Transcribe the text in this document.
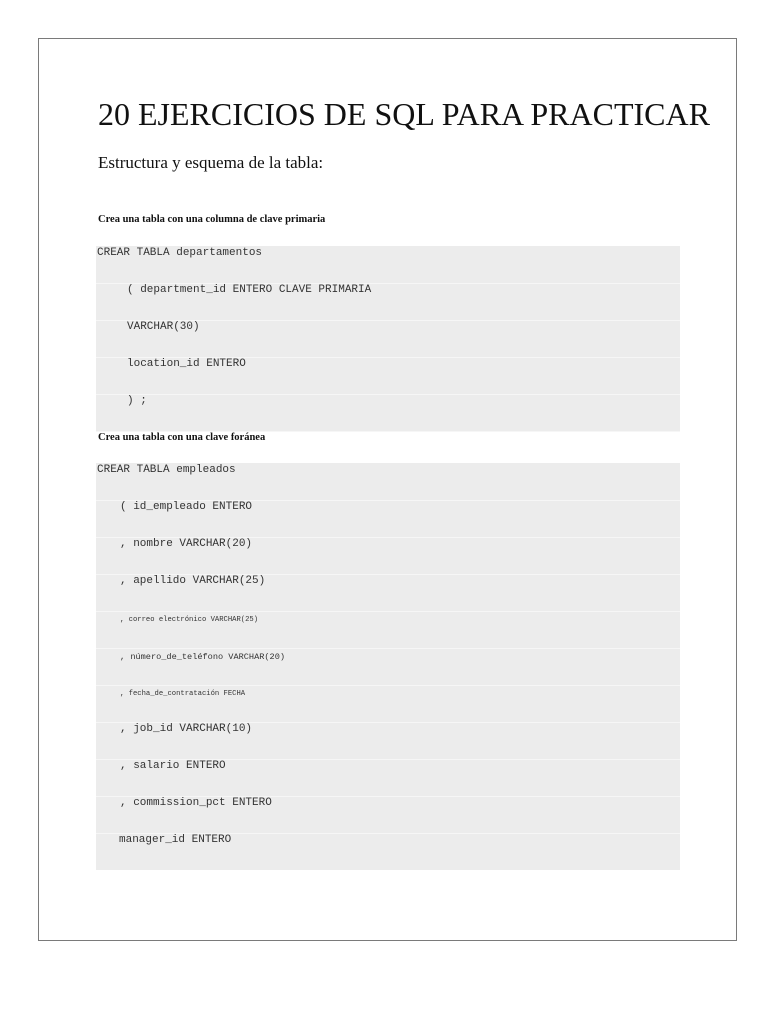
20 EJERCICIOS DE SQL PARA PRACTICAR
Estructura y esquema de la tabla:
Crea una tabla con una columna de clave primaria
CREAR TABLA departamentos
( department_id ENTERO CLAVE PRIMARIA
VARCHAR(30)
location_id ENTERO
) ;
Crea una tabla con una clave foránea
CREAR TABLA empleados
( id_empleado ENTERO
, nombre VARCHAR(20)
, apellido VARCHAR(25)
, correo electrónico VARCHAR(25)
, número_de_teléfono VARCHAR(20)
, fecha_de_contratación FECHA
, job_id VARCHAR(10)
, salario ENTERO
, commission_pct ENTERO
manager_id ENTERO
